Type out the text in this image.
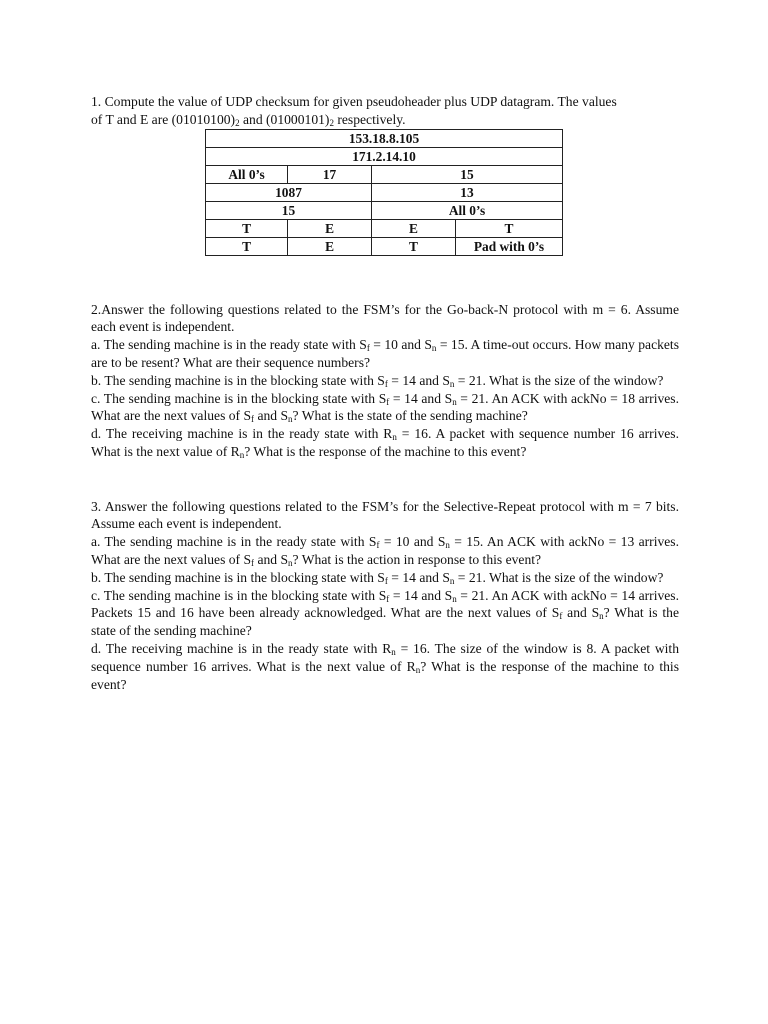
1. Compute the value of UDP checksum for given pseudoheader plus UDP datagram. The values
of T and E are $(01010100)_2$ and $(01000101)_2$ respectively.

153.18.8.105			
171.2.14.10			
All 0’s	17	15	
1087		13	
15		All 0’s	
T	E	E	T
T	E	T	Pad with 0’s

2.Answer the following questions related to the FSM’s for the Go-back-N protocol with m = 6. Assume each event is independent.

a. The sending machine is in the ready state with $S_f = 10$ and $S_n = 15$. A time-out occurs. How many packets are to be resent? What are their sequence numbers?

b. The sending machine is in the blocking state with $S_f = 14$ and $S_n = 21$. What is the size of the window?

c. The sending machine is in the blocking state with $S_f = 14$ and $S_n = 21$. An ACK with ackNo = 18 arrives. What are the next values of $S_f$ and $S_n$? What is the state of the sending machine?

d. The receiving machine is in the ready state with $R_n = 16$. A packet with sequence number 16 arrives. What is the next value of $R_n$? What is the response of the machine to this event?

3. Answer the following questions related to the FSM’s for the Selective-Repeat protocol with m = 7 bits. Assume each event is independent.

a. The sending machine is in the ready state with $S_f = 10$ and $S_n = 15$. An ACK with ackNo = 13 arrives. What are the next values of $S_f$ and $S_n$? What is the action in response to this event?

b. The sending machine is in the blocking state with $S_f = 14$ and $S_n = 21$. What is the size of the window?

c. The sending machine is in the blocking state with $S_f = 14$ and $S_n = 21$. An ACK with ackNo = 14 arrives. Packets 15 and 16 have been already acknowledged. What are the next values of $S_f$ and $S_n$? What is the state of the sending machine?

d. The receiving machine is in the ready state with $R_n = 16$. The size of the window is 8. A packet with sequence number 16 arrives. What is the next value of $R_n$? What is the response of the machine to this event?
